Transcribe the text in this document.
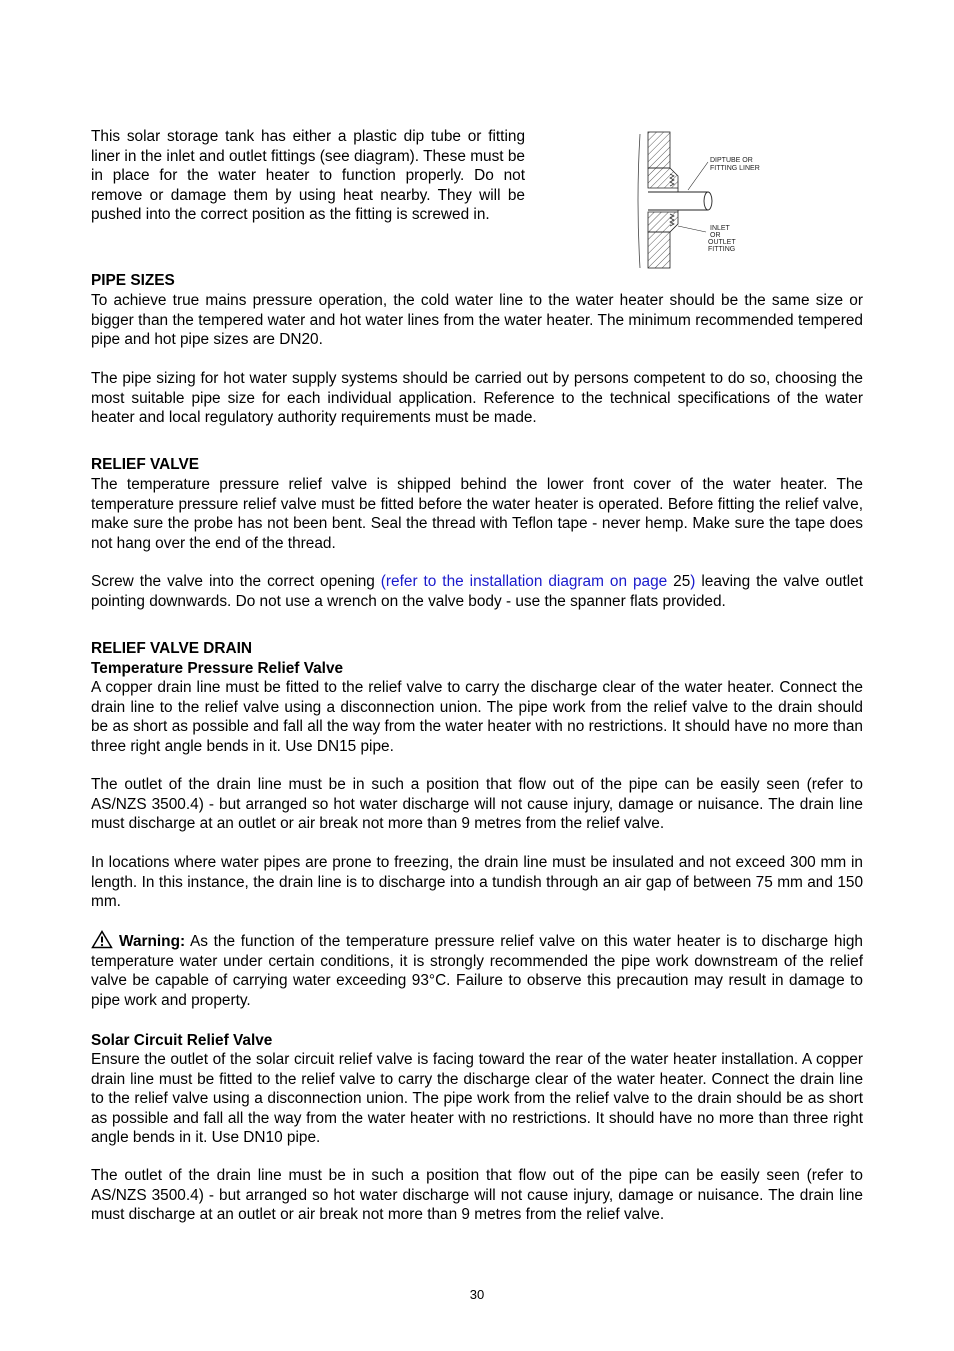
This solar storage tank has either a plastic dip tube or fitting liner in the inlet and outlet fittings (see diagram). These must be in place for the water heater to function properly. Do not remove or damage them by using heat nearby. They will be pushed into the correct position as the fitting is screwed in.

DIPTUBE OR
FITTING LINER
INLET
OR
OUTLET
FITTING
PIPE SIZES

To achieve true mains pressure operation, the cold water line to the water heater should be the same size or bigger than the tempered water and hot water lines from the water heater. The minimum recommended tempered pipe and hot pipe sizes are DN20.

The pipe sizing for hot water supply systems should be carried out by persons competent to do so, choosing the most suitable pipe size for each individual application. Reference to the technical specifications of the water heater and local regulatory authority requirements must be made.

RELIEF VALVE

The temperature pressure relief valve is shipped behind the lower front cover of the water heater. The temperature pressure relief valve must be fitted before the water heater is operated. Before fitting the relief valve, make sure the probe has not been bent. Seal the thread with Teflon tape - never hemp. Make sure the tape does not hang over the end of the thread.

Screw the valve into the correct opening (refer to the installation diagram on page 25) leaving the valve outlet pointing downwards. Do not use a wrench on the valve body - use the spanner flats provided.

RELIEF VALVE DRAIN
Temperature Pressure Relief Valve

A copper drain line must be fitted to the relief valve to carry the discharge clear of the water heater. Connect the drain line to the relief valve using a disconnection union. The pipe work from the relief valve to the drain should be as short as possible and fall all the way from the water heater with no restrictions. It should have no more than three right angle bends in it. Use DN15 pipe.

The outlet of the drain line must be in such a position that flow out of the pipe can be easily seen (refer to AS/NZS 3500.4) - but arranged so hot water discharge will not cause injury, damage or nuisance. The drain line must discharge at an outlet or air break not more than 9 metres from the relief valve.

In locations where water pipes are prone to freezing, the drain line must be insulated and not exceed 300 mm in length. In this instance, the drain line is to discharge into a tundish through an air gap of between 75 mm and 150 mm.

Warning: As the function of the temperature pressure relief valve on this water heater is to discharge high temperature water under certain conditions, it is strongly recommended the pipe work downstream of the relief valve be capable of carrying water exceeding 93°C. Failure to observe this precaution may result in damage to pipe work and property.

Solar Circuit Relief Valve

Ensure the outlet of the solar circuit relief valve is facing toward the rear of the water heater installation. A copper drain line must be fitted to the relief valve to carry the discharge clear of the water heater. Connect the drain line to the relief valve using a disconnection union. The pipe work from the relief valve to the drain should be as short as possible and fall all the way from the water heater with no restrictions. It should have no more than three right angle bends in it. Use DN10 pipe.

The outlet of the drain line must be in such a position that flow out of the pipe can be easily seen (refer to AS/NZS 3500.4) - but arranged so hot water discharge will not cause injury, damage or nuisance. The drain line must discharge at an outlet or air break not more than 9 metres from the relief valve.

30
